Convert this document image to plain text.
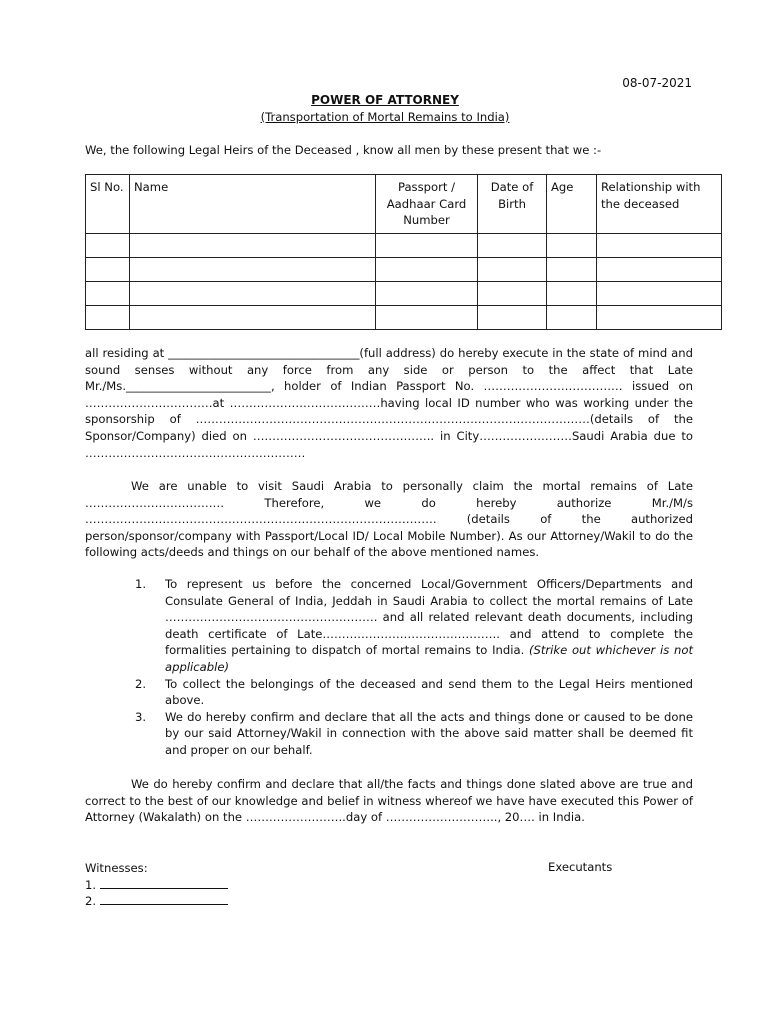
08-07-2021
POWER OF ATTORNEY
(Transportation of Mortal Remains to India)
We, the following Legal Heirs of the Deceased , know all men by these present that we :-
Sl No.	Name	Passport / Aadhaar Card Number	Date of Birth	Age	Relationship with the deceased

all residing at _________________________________(full address) do hereby execute in the state of mind and sound senses without any force from any side or person to the affect that Late Mr./Ms._________________________, holder of Indian Passport No. ……………………………… issued on ……………………………at …………………………………having local ID number who was working under the sponsorship of …………………………………………………………………………………………(details of the Sponsor/Company) died on ……………………………………….. in City……………………Saudi Arabia due to …………………………………………………
We are unable to visit Saudi Arabia to personally claim the mortal remains of Late ……………………………… Therefore, we do hereby authorize Mr./M/s ………………………………………………………………………………. (details of the authorized person/sponsor/company with Passport/Local ID/ Local Mobile Number). As our Attorney/Wakil to do the following acts/deeds and things on our behalf of the above mentioned names.
1. To represent us before the concerned Local/Government Officers/Departments and Consulate General of India, Jeddah in Saudi Arabia to collect the mortal remains of Late ………………………………………………. and all related relevant death documents, including death certificate of Late………………………………………. and attend to complete the formalities pertaining to dispatch of mortal remains to India. (Strike out whichever is not applicable)
2. To collect the belongings of the deceased and send them to the Legal Heirs mentioned above.
3. We do hereby confirm and declare that all the acts and things done or caused to be done by our said Attorney/Wakil in connection with the above said matter shall be deemed fit and proper on our behalf.
We do hereby confirm and declare that all/the facts and things done slated above are true and correct to the best of our knowledge and belief in witness whereof we have have executed this Power of Attorney (Wakalath) on the ……………………..day of ……………………….., 20…. in India.
Witnesses:
1.
2.
Executants
